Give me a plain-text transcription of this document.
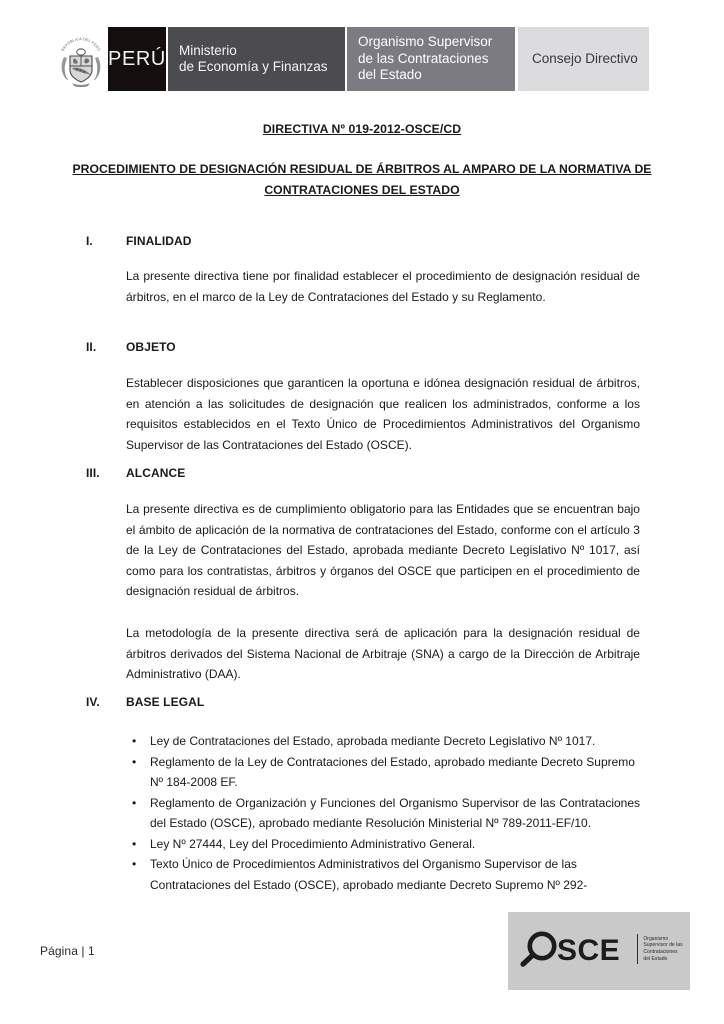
REPÚBLICA DEL PERÚ PERÚ Ministerio
de Economía y Finanzas
Organismo Supervisor
de las Contrataciones
del Estado
Consejo Directivo
DIRECTIVA Nº 019-2012-OSCE/CD
PROCEDIMIENTO DE DESIGNACIÓN RESIDUAL DE ÁRBITROS AL AMPARO DE LA NORMATIVA DE
CONTRATACIONES DEL ESTADO
I.	FINALIDAD
La presente directiva tiene por finalidad establecer el procedimiento de designación residual de árbitros, en el marco de la Ley de Contrataciones del Estado y su Reglamento.
II.	OBJETO
Establecer disposiciones que garanticen la oportuna e idónea designación residual de árbitros, en atención a las solicitudes de designación que realicen los administrados, conforme a los requisitos establecidos en el Texto Único de Procedimientos Administrativos del Organismo Supervisor de las Contrataciones del Estado (OSCE).
III.	ALCANCE
La presente directiva es de cumplimiento obligatorio para las Entidades que se encuentran bajo el ámbito de aplicación de la normativa de contrataciones del Estado, conforme con el artículo 3 de la Ley de Contrataciones del Estado, aprobada mediante Decreto Legislativo Nº 1017, así como para los contratistas, árbitros y órganos del OSCE que participen en el procedimiento de designación residual de árbitros.
La metodología de la presente directiva será de aplicación para la designación residual de árbitros derivados del Sistema Nacional de Arbitraje (SNA) a cargo de la Dirección de Arbitraje Administrativo (DAA).
IV.	BASE LEGAL
• Ley de Contrataciones del Estado, aprobada mediante Decreto Legislativo Nº 1017.
• Reglamento de la Ley de Contrataciones del Estado, aprobado mediante Decreto Supremo Nº 184-2008 EF.
• Reglamento de Organización y Funciones del Organismo Supervisor de las Contrataciones del Estado (OSCE), aprobado mediante Resolución Ministerial Nº 789-2011-EF/10.
• Ley Nº 27444, Ley del Procedimiento Administrativo General.
• Texto Único de Procedimientos Administrativos del Organismo Supervisor de las Contrataciones del Estado (OSCE), aprobado mediante Decreto Supremo Nº 292-
Página | 1	SCE	Organismo
Supervisor de las
Contrataciones
del Estado
